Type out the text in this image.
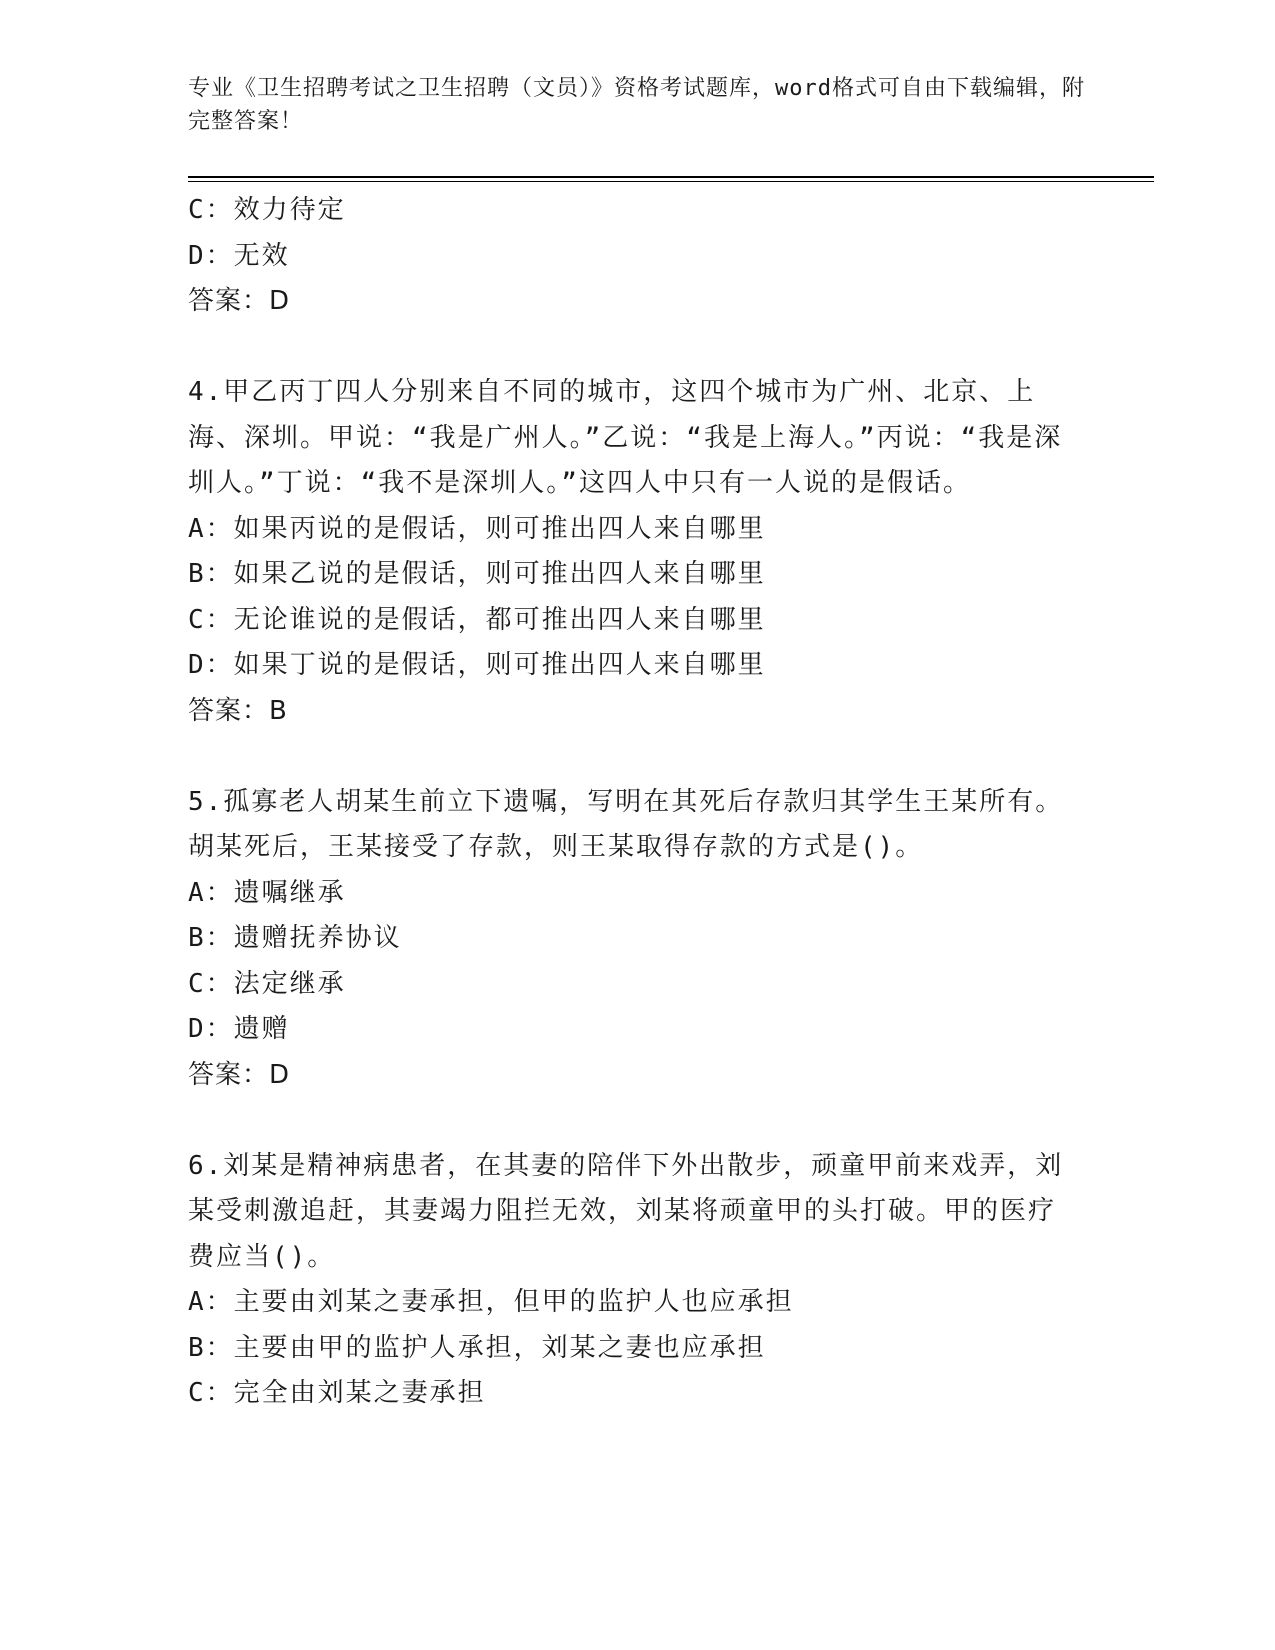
专业《卫生招聘考试之卫生招聘（文员）》资格考试题库，word格式可自由下载编辑，附完整答案！
C：效力待定
D：无效
答案：D
4.甲乙丙丁四人分别来自不同的城市，这四个城市为广州、北京、上海、深圳。甲说：“我是广州人。”乙说：“我是上海人。”丙说：“我是深圳人。”丁说：“我不是深圳人。”这四人中只有一人说的是假话。
A：如果丙说的是假话，则可推出四人来自哪里
B：如果乙说的是假话，则可推出四人来自哪里
C：无论谁说的是假话，都可推出四人来自哪里
D：如果丁说的是假话，则可推出四人来自哪里
答案：B
5.孤寡老人胡某生前立下遗嘱，写明在其死后存款归其学生王某所有。胡某死后，王某接受了存款，则王某取得存款的方式是()。
A：遗嘱继承
B：遗赠抚养协议
C：法定继承
D：遗赠
答案：D
6.刘某是精神病患者，在其妻的陪伴下外出散步，顽童甲前来戏弄，刘某受刺激追赶，其妻竭力阻拦无效，刘某将顽童甲的头打破。甲的医疗费应当()。
A：主要由刘某之妻承担，但甲的监护人也应承担
B：主要由甲的监护人承担，刘某之妻也应承担
C：完全由刘某之妻承担
